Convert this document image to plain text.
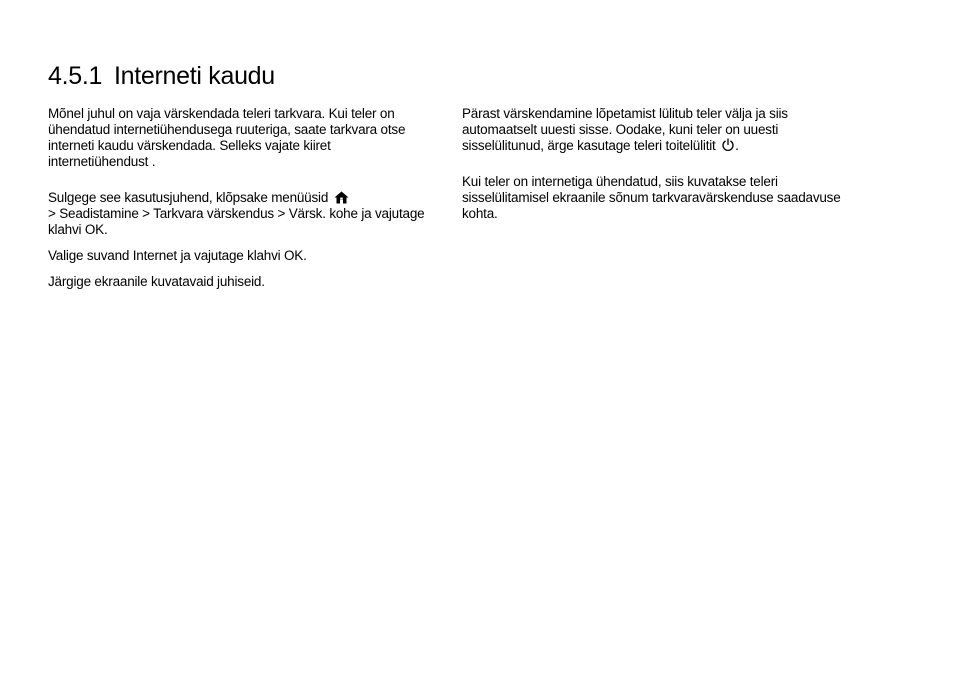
4.5.1 Interneti kaudu

Mõnel juhul on vaja värskendada teleri tarkvara. Kui teler on ühendatud internetiühendusega ruuteriga, saate tarkvara otse interneti kaudu värskendada. Selleks vajate kiiret internetiühendust .

Sulgege see kasutusjuhend, klõpsake menüüsid

> Seadistamine > Tarkvara värskendus > Värsk. kohe ja vajutage klahvi OK.

Valige suvand Internet ja vajutage klahvi OK.

Järgige ekraanile kuvatavaid juhiseid.

Pärast värskendamine lõpetamist lülitub teler välja ja siis automaatselt uuesti sisse. Oodake, kuni teler on uuesti sisselülitunud, ärge kasutage teleri toitelülitit .

Kui teler on internetiga ühendatud, siis kuvatakse teleri sisselülitamisel ekraanile sõnum tarkvaravärskenduse saadavuse kohta.
